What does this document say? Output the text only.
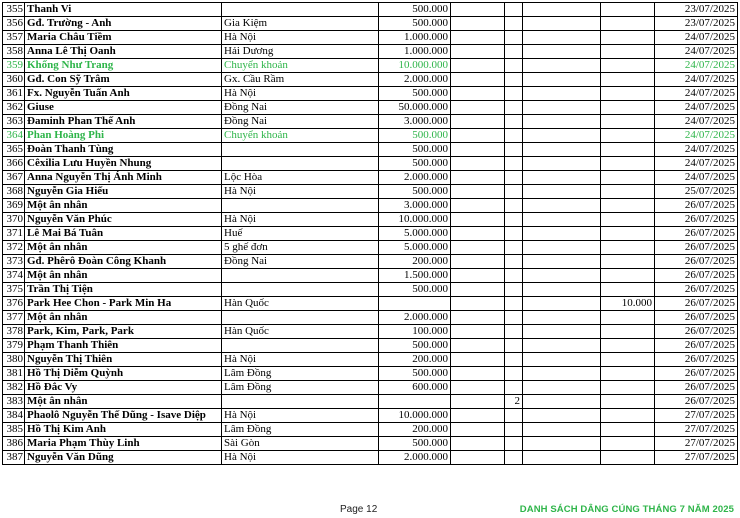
355	Thanh Vi		500.000					23/07/2025
356	Gđ. Trường - Anh	Gia Kiệm	500.000					23/07/2025
357	Maria Châu Tiềm	Hà Nội	1.000.000					24/07/2025
358	Anna Lê Thị Oanh	Hải Dương	1.000.000					24/07/2025
359	Khổng Như Trang	Chuyển khoản	10.000.000					24/07/2025
360	Gđ. Con Sỹ Trâm	Gx. Cầu Rầm	2.000.000					24/07/2025
361	Fx. Nguyễn Tuấn Anh	Hà Nội	500.000					24/07/2025
362	Giuse	Đồng Nai	50.000.000					24/07/2025
363	Đaminh Phan Thế Anh	Đồng Nai	3.000.000					24/07/2025
364	Phan Hoàng Phi	Chuyển khoản	500.000					24/07/2025
365	Đoàn Thanh Tùng		500.000					24/07/2025
366	Cêxilia Lưu Huyền Nhung		500.000					24/07/2025
367	Anna Nguyễn Thị Ánh Minh	Lộc Hòa	2.000.000					24/07/2025
368	Nguyễn Gia Hiếu	Hà Nội	500.000					25/07/2025
369	Một ân nhân		3.000.000					26/07/2025
370	Nguyễn Văn Phúc	Hà Nội	10.000.000					26/07/2025
371	Lê Mai Bá Tuân	Huế	5.000.000					26/07/2025
372	Một ân nhân	5 ghế đơn	5.000.000					26/07/2025
373	Gđ. Phêrô Đoàn Công Khanh	Đồng Nai	200.000					26/07/2025
374	Một ân nhân		1.500.000					26/07/2025
375	Trần Thị Tiện		500.000					26/07/2025
376	Park Hee Chon - Park Min Ha	Hàn Quốc					10.000	26/07/2025
377	Một ân nhân		2.000.000					26/07/2025
378	Park, Kim, Park, Park	Hàn Quốc	100.000					26/07/2025
379	Phạm Thanh Thiên		500.000					26/07/2025
380	Nguyễn Thị Thiên	Hà Nội	200.000					26/07/2025
381	Hồ Thị Diễm Quỳnh	Lâm Đồng	500.000					26/07/2025
382	Hồ Đắc Vy	Lâm Đồng	600.000					26/07/2025
383	Một ân nhân				2			26/07/2025
384	Phaolô Nguyễn Thế Dũng - Isave Diệp	Hà Nội	10.000.000					27/07/2025
385	Hồ Thị Kim Anh	Lâm Đồng	200.000					27/07/2025
386	Maria Phạm Thùy Linh	Sài Gòn	500.000					27/07/2025
387	Nguyễn Văn Dũng	Hà Nội	2.000.000					27/07/2025
Page 12	DANH SÁCH DÂNG CÚNG THÁNG 7 NĂM 2025
